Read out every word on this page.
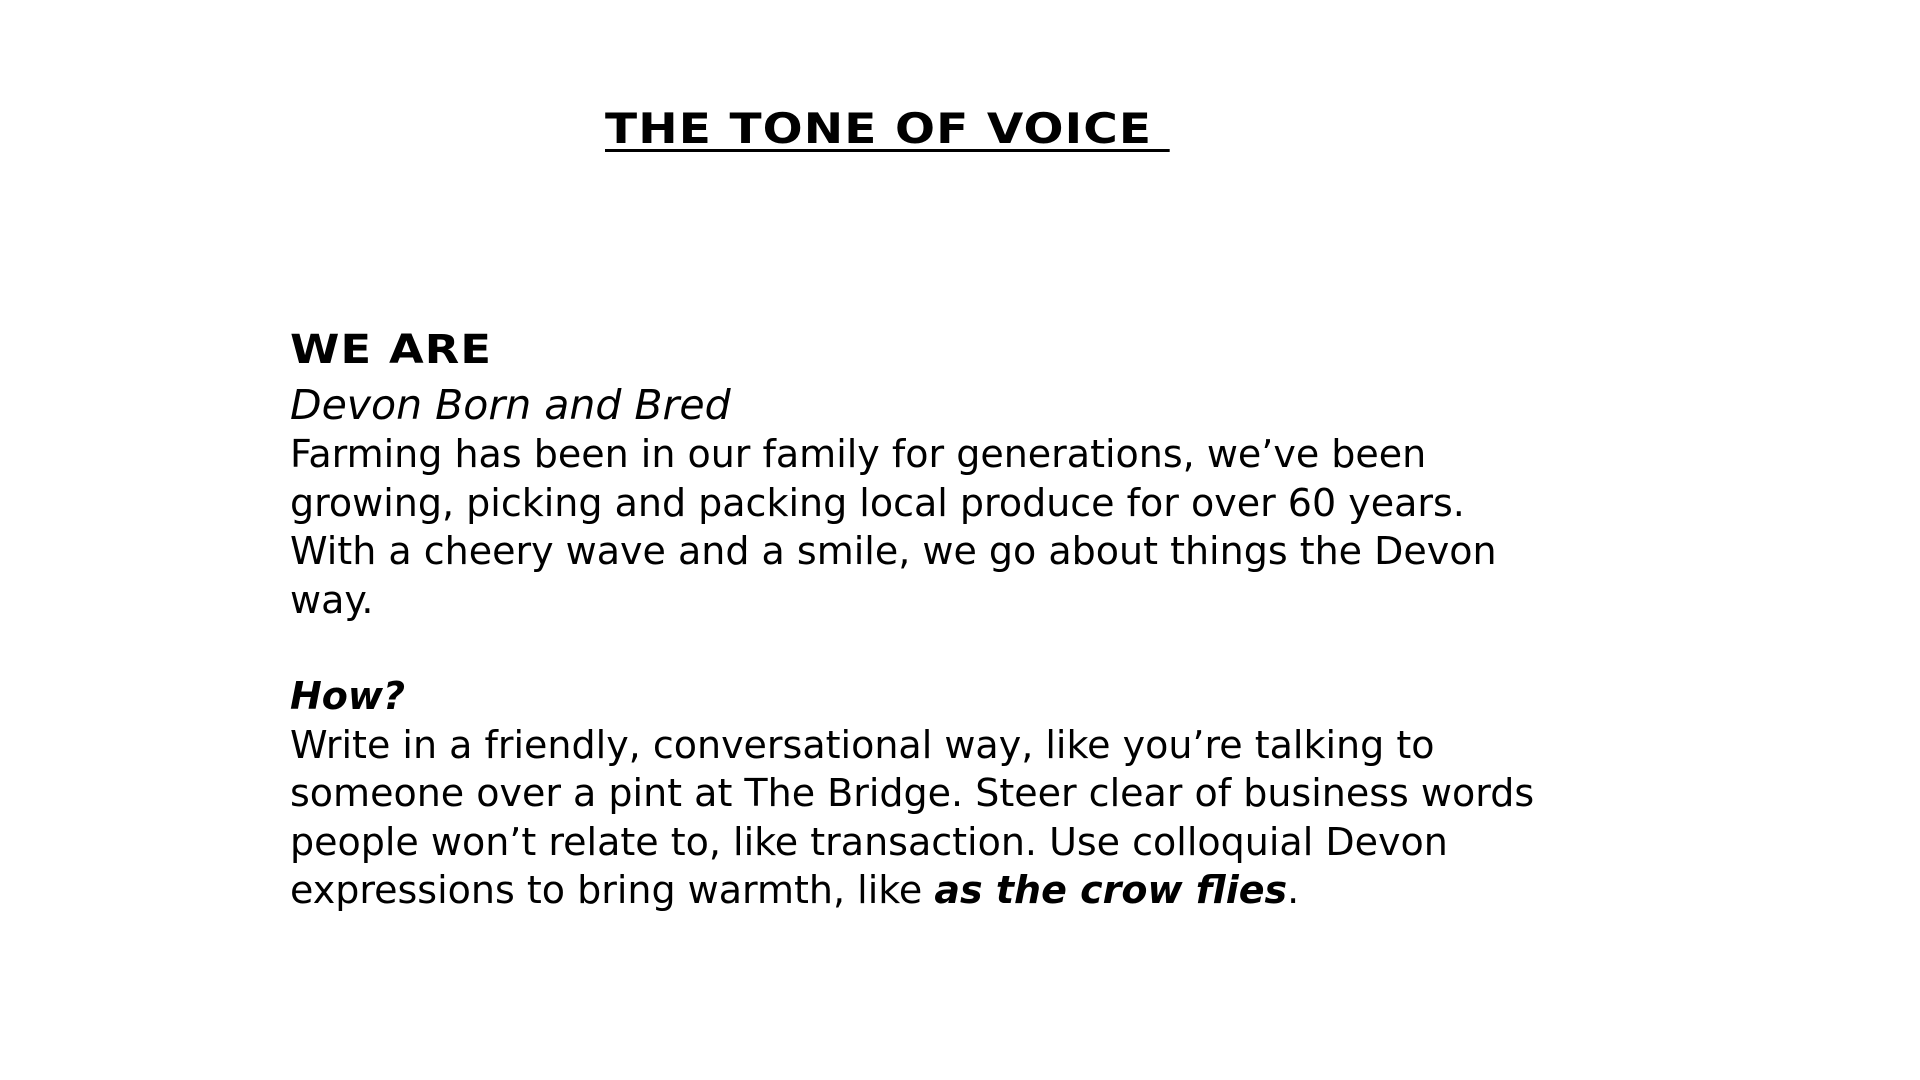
THE TONE OF VOICE
WE ARE

Devon Born and Bred

Farming has been in our family for generations, we’ve been growing, picking and packing local produce for over 60 years. With a cheery wave and a smile, we go about things the Devon way.

How?

Write in a friendly, conversational way, like you’re talking to someone over a pint at The Bridge. Steer clear of business words people won’t relate to, like transaction. Use colloquial Devon expressions to bring warmth, like as the crow flies.
